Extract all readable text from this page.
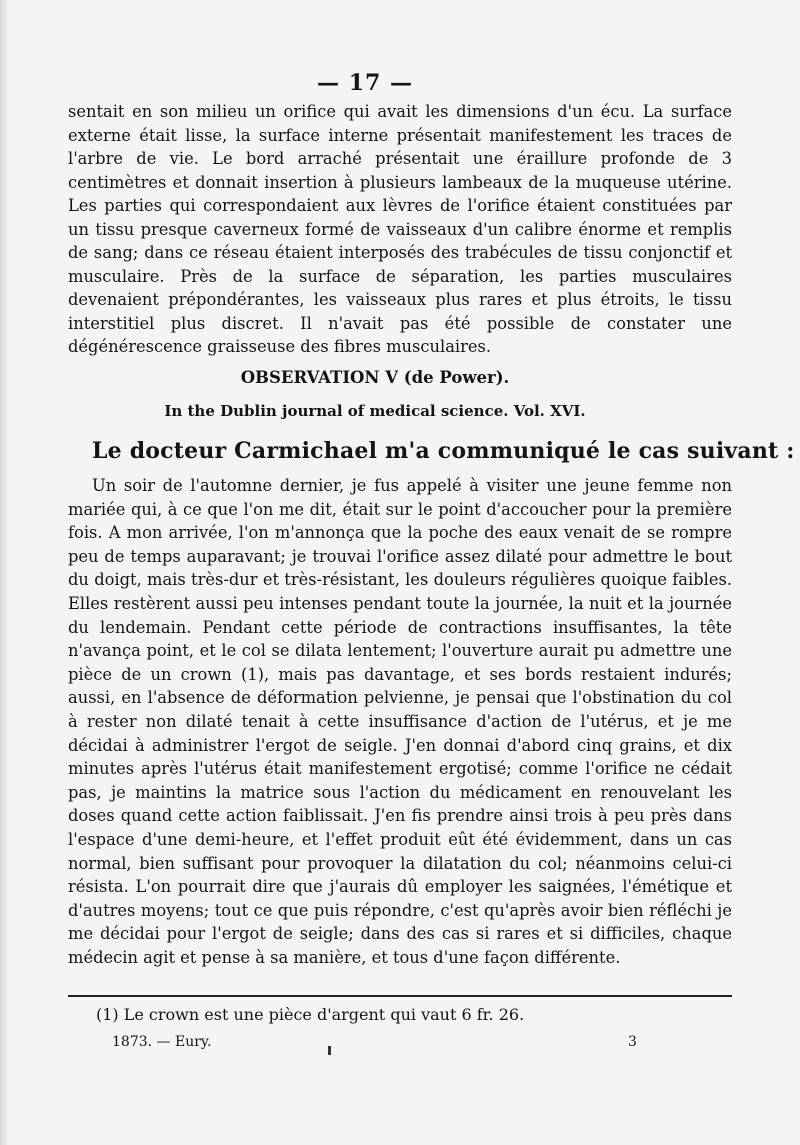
— 17 —

sentait en son milieu un orifice qui avait les dimensions d'un écu. La surface externe était lisse, la surface interne présentait manifestement les traces de l'arbre de vie. Le bord arraché présentait une éraillure profonde de 3 centimètres et donnait insertion à plusieurs lambeaux de la muqueuse utérine. Les parties qui correspondaient aux lèvres de l'orifice étaient constituées par un tissu presque caverneux formé de vaisseaux d'un calibre énorme et remplis de sang; dans ce réseau étaient interposés des trabécules de tissu conjonctif et musculaire. Près de la surface de séparation, les parties musculaires devenaient prépondérantes, les vaisseaux plus rares et plus étroits, le tissu interstitiel plus discret. Il n'avait pas été possible de constater une dégénérescence graisseuse des fibres musculaires.

OBSERVATION V (de Power).
In the Dublin journal of medical science. Vol. XVI.
Le docteur Carmichael m'a communiqué le cas suivant :

Un soir de l'automne dernier, je fus appelé à visiter une jeune femme non mariée qui, à ce que l'on me dit, était sur le point d'accoucher pour la première fois. A mon arrivée, l'on m'annonça que la poche des eaux venait de se rompre peu de temps auparavant; je trouvai l'orifice assez dilaté pour admettre le bout du doigt, mais très-dur et très-résistant, les douleurs régulières quoique faibles. Elles restèrent aussi peu intenses pendant toute la journée, la nuit et la journée du lendemain. Pendant cette période de contractions insuffisantes, la tête n'avança point, et le col se dilata lentement; l'ouverture aurait pu admettre une pièce de un crown (1), mais pas davantage, et ses bords restaient indurés; aussi, en l'absence de déformation pelvienne, je pensai que l'obstination du col à rester non dilaté tenait à cette insuffisance d'action de l'utérus, et je me décidai à administrer l'ergot de seigle. J'en donnai d'abord cinq grains, et dix minutes après l'utérus était manifestement ergotisé; comme l'orifice ne cédait pas, je maintins la matrice sous l'action du médicament en renouvelant les doses quand cette action faiblissait. J'en fis prendre ainsi trois à peu près dans l'espace d'une demi-heure, et l'effet produit eût été évidemment, dans un cas normal, bien suffisant pour provoquer la dilatation du col; néanmoins celui-ci résista. L'on pourrait dire que j'aurais dû employer les saignées, l'émétique et d'autres moyens; tout ce que puis répondre, c'est qu'après avoir bien réfléchi je me décidai pour l'ergot de seigle; dans des cas si rares et si difficiles, chaque médecin agit et pense à sa manière, et tous d'une façon différente.

(1) Le crown est une pièce d'argent qui vaut 6 fr. 26.

1873. — Eury.	3
